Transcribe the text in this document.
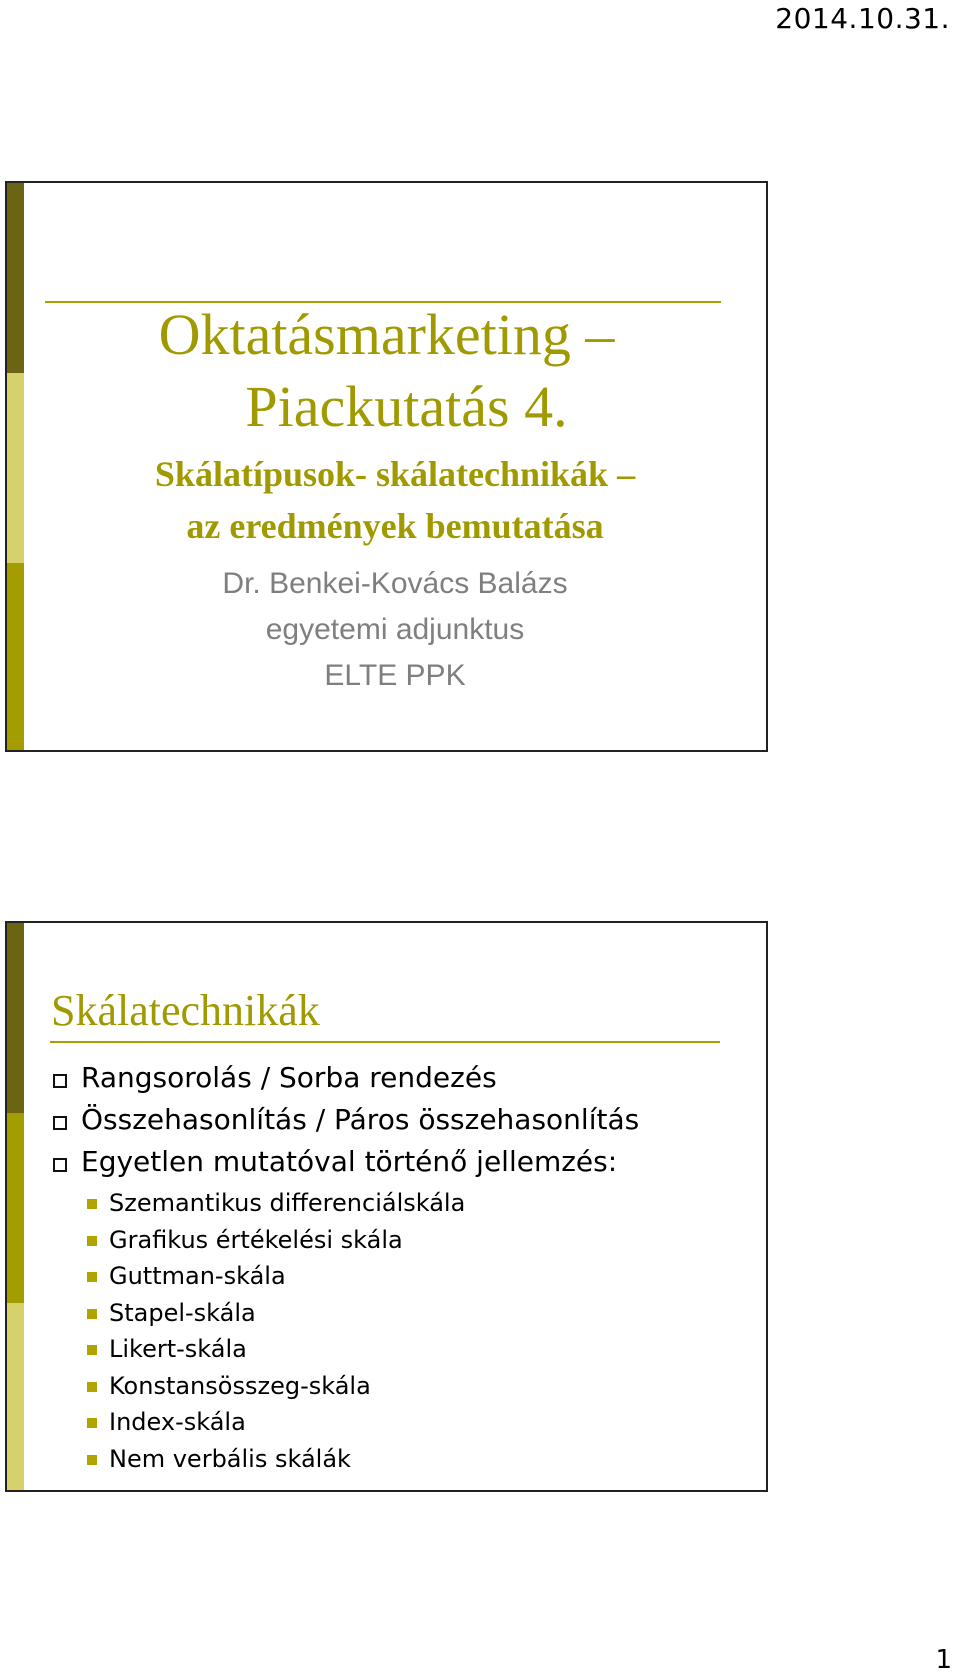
2014.10.31.
Oktatásmarketing –
Piackutatás 4.
Skálatípusok- skálatechnikák –
az eredmények bemutatása
Dr. Benkei-Kovács Balázs
egyetemi adjunktus
ELTE PPK
Skálatechnikák
Rangsorolás / Sorba rendezés
Összehasonlítás / Páros összehasonlítás
Egyetlen mutatóval történő jellemzés:
Szemantikus differenciálskála
Grafikus értékelési skála
Guttman-skála
Stapel-skála
Likert-skála
Konstansösszeg-skála
Index-skála
Nem verbális skálák
1
